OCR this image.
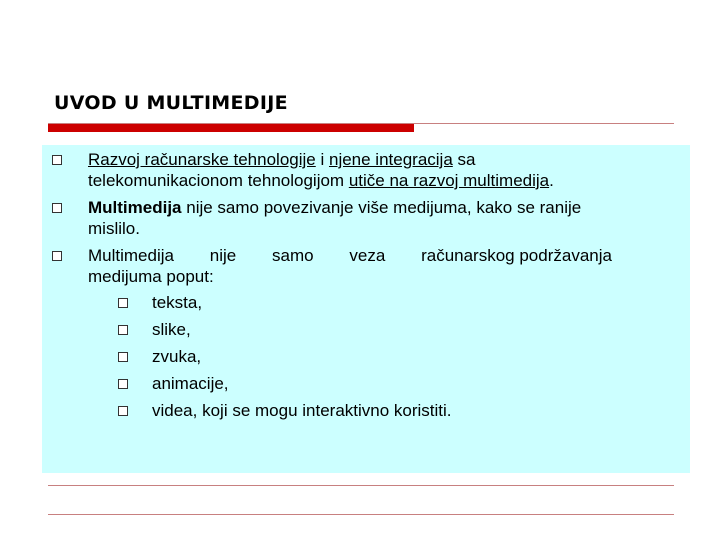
UVOD U MULTIMEDIJE
Razvoj računarske tehnologije i njene integracija sa
telekomunikacionom tehnologijom utiče na razvoj multimedija.
Multimedija nije samo povezivanje više medijuma, kako se ranije
mislilo.
Multimedija nije samo veza računarskog podržavanja
medijuma poput:
teksta,
slike,
zvuka,
animacije,
videa, koji se mogu interaktivno koristiti.
